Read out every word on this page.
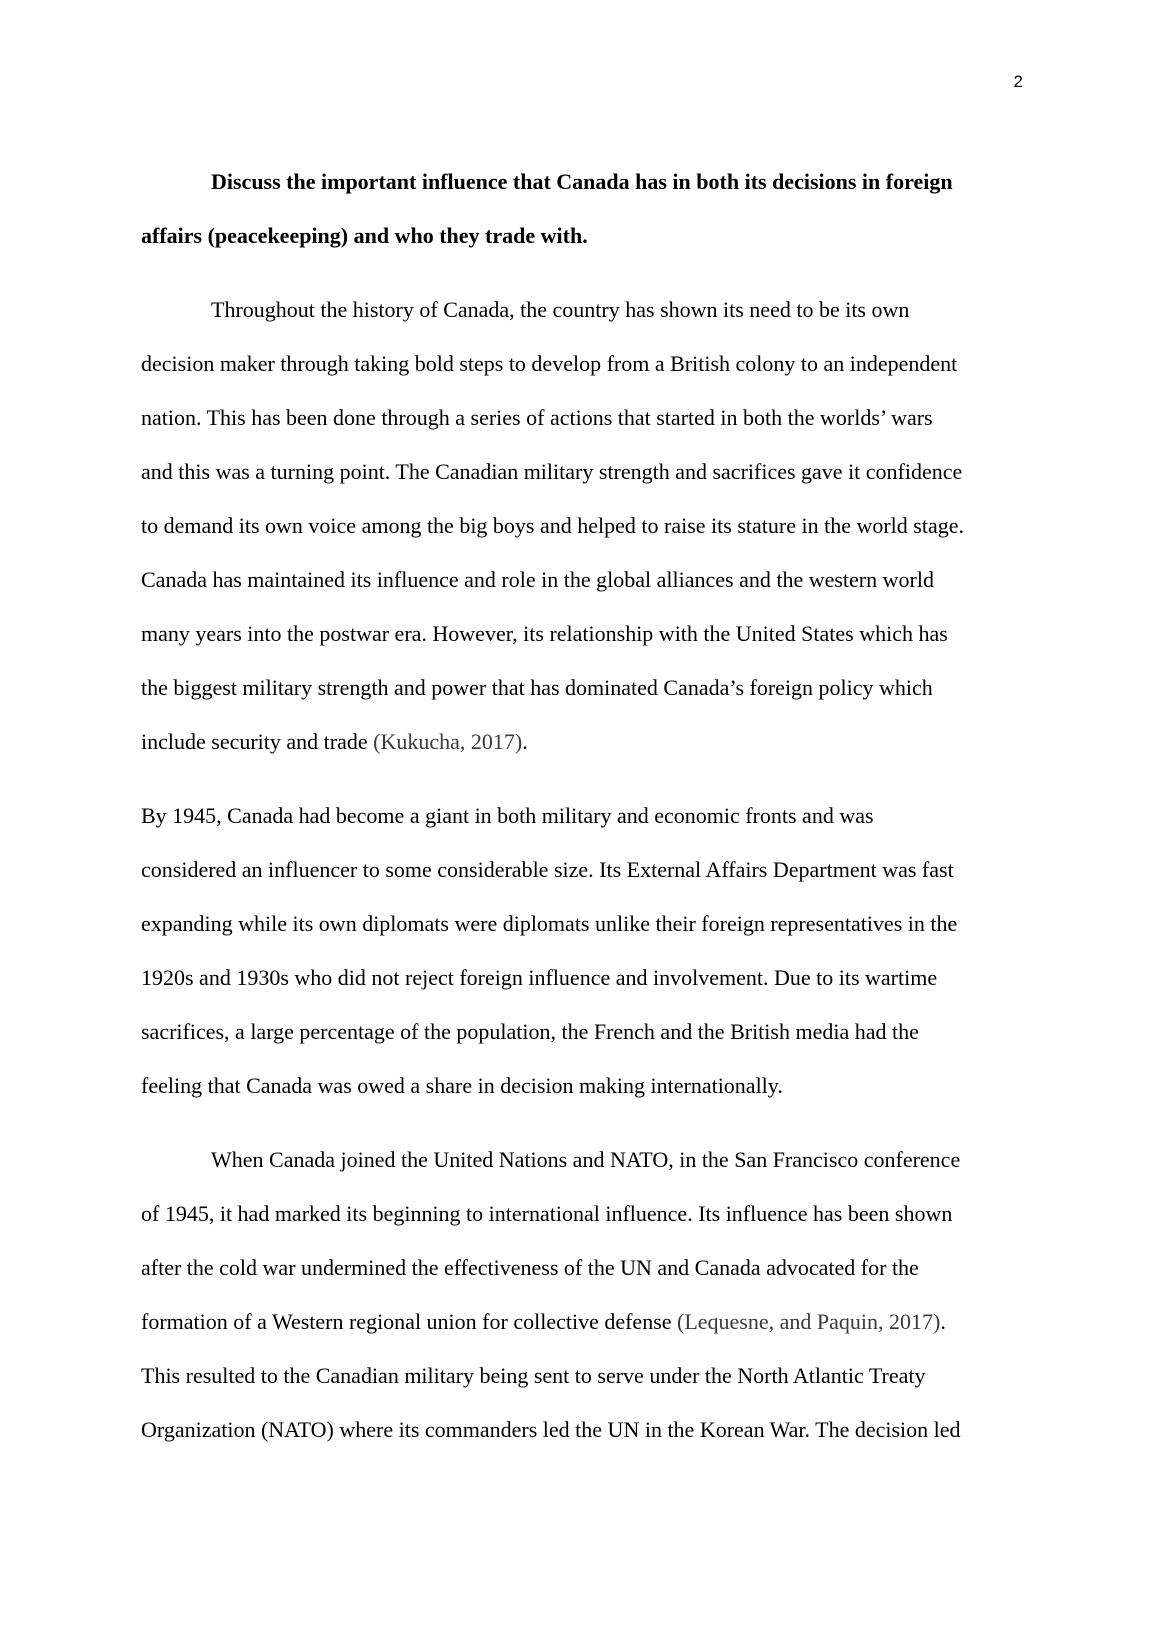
2
Discuss the important influence that Canada has in both its decisions in foreign
affairs (peacekeeping) and who they trade with.
Throughout the history of Canada, the country has shown its need to be its own
decision maker through taking bold steps to develop from a British colony to an independent
nation. This has been done through a series of actions that started in both the worlds’ wars
and this was a turning point. The Canadian military strength and sacrifices gave it confidence
to demand its own voice among the big boys and helped to raise its stature in the world stage.
Canada has maintained its influence and role in the global alliances and the western world
many years into the postwar era. However, its relationship with the United States which has
the biggest military strength and power that has dominated Canada’s foreign policy which
include security and trade (Kukucha, 2017).
By 1945, Canada had become a giant in both military and economic fronts and was
considered an influencer to some considerable size. Its External Affairs Department was fast
expanding while its own diplomats were diplomats unlike their foreign representatives in the
1920s and 1930s who did not reject foreign influence and involvement. Due to its wartime
sacrifices, a large percentage of the population, the French and the British media had the
feeling that Canada was owed a share in decision making internationally.
When Canada joined the United Nations and NATO, in the San Francisco conference
of 1945, it had marked its beginning to international influence. Its influence has been shown
after the cold war undermined the effectiveness of the UN and Canada advocated for the
formation of a Western regional union for collective defense (Lequesne, and Paquin, 2017).
This resulted to the Canadian military being sent to serve under the North Atlantic Treaty
Organization (NATO) where its commanders led the UN in the Korean War. The decision led
